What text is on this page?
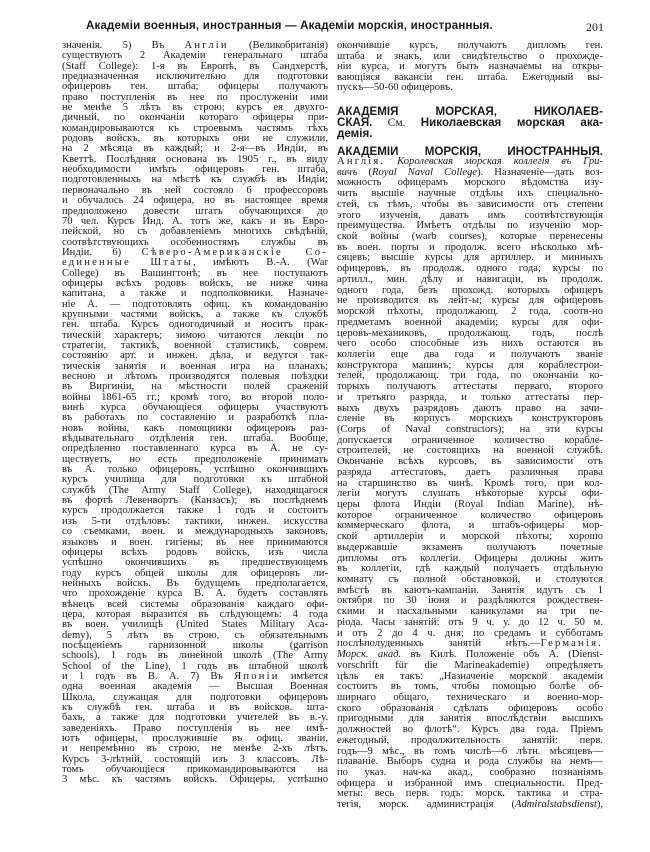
Академіи военныя, иностранныя — Академіи морскія, иностранныя.	201
значенія. 5) Въ Англіи (Великобританія)
существуютъ 2 Академіи генеральнаго штаба
(Staff College): 1-я въ Европѣ, въ Сандхерстѣ,
предназначенная исключительно для подготовки
офицеровъ ген. штаба; офицеры получаютъ
право поступленія въ нее по прослуженіи ими
не менѣе 5 лѣтъ въ строю; курсъ ея двухго-
дичный, по окончаніи котораго офицеры при-
командировываются къ строевымъ частямъ тѣхъ
родовъ войскъ, въ которыхъ они не служили,
на 2 мѣсяца въ каждый; и 2-я—въ Индіи, въ
Кветтѣ. Послѣдняя основана въ 1905 г., въ виду
необходимости имѣть офицеровъ ген. штаба,
подготовленныхъ на мѣстѣ къ службѣ въ Индіи;
первоначально въ ней состояло 6 профессоровъ
и обучалось 24 офицера, но въ настоящее время
предположено довести штатъ обучающихся до
70 чел. Курсъ Инд. А. тотъ же, какъ и въ Евро-
пейской, но съ добавленіемъ многихъ свѣдѣній,
соотвѣтствующихъ особенностямъ службы въ
Индіи. 6) Сѣверо-Американскіе Со-
единенные Штаты, имѣютъ В.-А. (War
College) въ Вашингтонѣ; въ нее поступаютъ
офицеры всѣхъ родовъ войскъ, не ниже чина
капитана, а также и подполковники. Назначе-
ніе А. — подготовлять офиц. къ командованію
крупными частями войскъ, а также къ службѣ
ген. штаба. Курсъ одногодичный и носитъ прак-
тическій характеръ; зимою читаются лекціи по
стратегіи, тактикѣ, военной статистикѣ, соврем.
состоянію арт. и инжен. дѣла, и ведутся так-
тическія занятія и военная игра на планахъ;
весною и лѣтомъ производятся полевыя поѣздки
въ Виргиніи, на мѣстности полей сраженій
войны 1861-65 гг.; кромѣ того, во второй поло-
винѣ курса обучающіеся офицеры участвуютъ
въ работахъ по составленію и разработкѣ пла-
новъ войны, какъ помощники офицеровъ раз-
вѣдывательнаго отдѣленія ген. штаба. Вообще,
опредѣленно поставленнаго курса въ А. не су-
ществуетъ, но есть предположеніе принимать
въ А. только офицеровъ, успѣшно окончившихъ
курсъ училища для подготовки къ штабной
службѣ (The Army Staff College), находящагося
въ фортѣ Левенвортъ (Канзасъ); въ послѣднемъ
курсъ продолжается также 1 годъ и состоитъ
изъ 5-ти отдѣловъ: тактики, инжен. искусства
со съемками, воен. и международныхъ законовъ,
языковъ и воен. гигіены; въ нее принимаются
офицеры всѣхъ родовъ войскъ, изъ числа
успѣшно окончившихъ въ предшествующемъ
году курсъ общей школы для офицеровъ ли-
нейныхъ войскъ. Въ будущемъ предполагается,
что прохожденіе курса В. А. будетъ составлять
вѣнецъ всей системы образованія каждаго офи-
цера, которая выразится въ слѣдующемъ: 4 года
въ воен. училищѣ (United States Military Aca-
demy), 5 лѣтъ въ строю, съ обязательнымъ
посѣщеніемъ гарнизонной школы (garrison
schools), 1 годъ въ линейной школѣ (The Army
School of the Line), 1 годъ въ штабной школѣ
и 1 годъ въ В. А. 7) Въ Японіи имѣется
одна военная академія — Высшая Военная
Школа, служащая для подготовки офицеровъ
къ службѣ ген. штаба и въ войсков. шта-
бахъ, а также для подготовки учителей въ в.-у.
заведеніяхъ. Право поступленія въ нее имѣ-
ютъ офицеры, прослужившіе въ офиц. званіи,
и непремѣнно въ строю, не менѣе 2-хъ лѣтъ.
Курсъ 3-лѣтній, состоящій изъ 3 классовъ. Лѣ-
томъ обучающіеся прикомандировываются на
3 мѣс. къ частямъ войскъ. Офицеры, успѣшно
окончившіе курсъ, получаютъ дипломъ ген.
штаба и знакъ, или свидѣтельство о прохожде-
ніи курса, и могутъ быть назначаемы на откры-
вающіяся вакансіи ген. штаба. Ежегодный вы-
пускъ—50-60 офицеровъ.
АКАДЕМІЯ МОРСКАЯ, НИКОЛАЕВ-
СКАЯ. См. Николаевская морская ака-
демія.
АКАДЕМІИ МОРСКІЯ, ИНОСТРАННЫЯ.
Англія. Королевская морская коллегія въ Гри-
вичъ (Royal Naval College). Назначеніе—дать воз-
можность офицерамъ морского вѣдомства изу-
чить высшіе научные отдѣлы ихъ специально-
стей, съ тѣмъ, чтобы въ зависимости отъ степени
этого изученія, давать имъ соотвѣтствующія
преимущества. Имѣетъ отдѣлы по изученію мор-
ской войны (warb courses), которые перенесены
въ воен. порты и продолж. всего нѣсколько мѣ-
сяцевъ; высшіе курсы для артиллер. и минныхъ
офицеровъ, въ продолж. одного года; курсы по
артилл., мин. дѣлу и навигаціи, въ продолж.
одного года, безъ прохожд. которыхъ офицеръ
не производится въ лейт-ы; курсы для офицеровъ
морской пѣхоты, продолжающ. 2 года, соотв-но
предметамъ военной академіи; курсы для офи-
церовъ-механиковъ, продолжающ. годъ, послѣ
чего особо способные изъ нихъ остаются въ
коллегіи еще два года и получаютъ званіе
конструктора машинъ; курсы для кораблестрои-
телей, продолжающ. три года, по окончаніи ко-
торыхъ получаютъ аттестаты перваго, второго
и третьяго разряда, и только аттестаты пер-
выхъ двухъ разрядовъ даютъ право на зачи-
сленіе въ корпусъ морскихъ конструкторовъ
(Corps of Naval constructors); на эти курсы
допускается ограниченное количество корабле-
строителей, не состоящихъ на военной службѣ.
Окончаніе всѣхъ курсовъ, въ зависимости отъ
разряда аттестатовъ, даетъ различныя права
на старшинство въ чинѣ. Кромѣ того, при кол-
легіи могутъ слушать нѣкоторые курсы офи-
церы флота Индіи (Royal Indian Marine), нѣ-
которое ограниченное количество офицеровъ
коммерческаго флота, и штабъ-офицеры мор-
ской артиллеріи и морской пѣхоты; хорошо
выдержавшіе экзаменъ получаютъ почетные
дипломы отъ коллегіи. Офицеры должны жить
въ коллегіи, гдѣ каждый получаетъ отдѣльную
комнату съ полной обстановкой, и столуются
вмѣстѣ въ каютъ-кампаніи. Занятія идутъ съ 1
октября по 30 іюня и раздѣляются рождествен-
скими и пасхальными каникулами на три пе-
ріода. Часы занятій: отъ 9 ч. у. до 12 ч. 50 м.
и отъ 2 до 4 ч. дня; по средамъ и субботамъ
послѣполуденныхъ занятій нѣтъ.—Германія.
Морск. акад. въ Килѣ. Положеніе объ А. (Dienst-
vorschrift für die Marineakademie) опредѣляетъ
цѣль ея такъ: „Назначеніе морской академіи
состоитъ въ томъ, чтобы помощью болѣе об-
ширнаго общаго, техническаго и военно-мор-
ского образованія сдѣлать офицеровъ особо
пригодными для занятія впослѣдствіи высшихъ
должностей во флотѣ“. Курсъ два года. Пріемъ
ежегодный, продолжительность занятій: перв.
годъ—9 мѣс., въ томъ числѣ—6 лѣтн. мѣсяцевъ—
плаваніе. Выборъ судна и рода службы на немъ—
по указ. нач-ка акад., сообразно познаніямъ
офицера и избранной имъ специальности. Пред-
меты: весь перв. годъ: морск. тактика и стра-
тегія, морск. администрація (Admiralstabsdienst),
